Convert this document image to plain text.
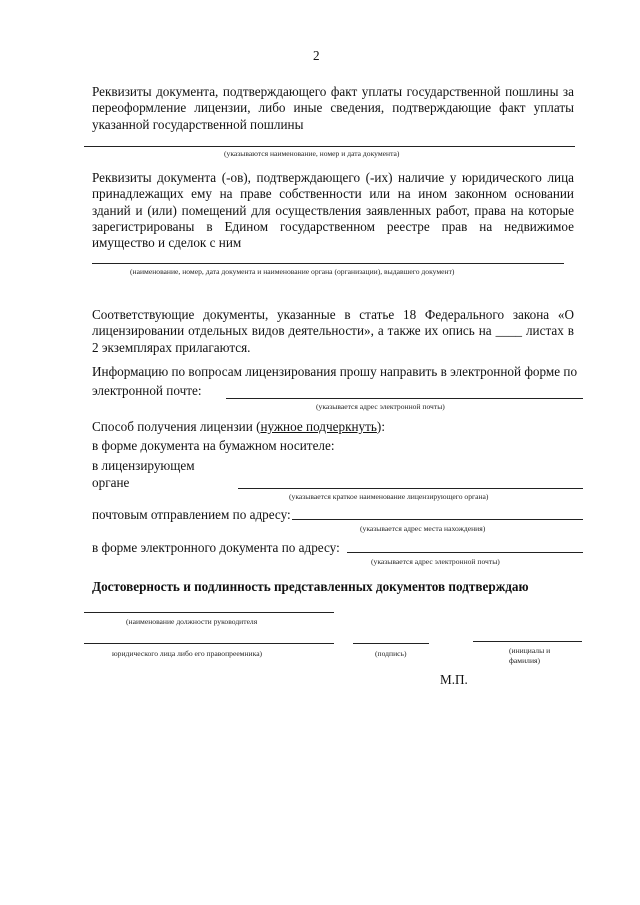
2
Реквизиты документа, подтверждающего факт уплаты государственной пошлины за переоформление лицензии, либо иные сведения, подтверждающие факт уплаты указанной государственной пошлины
(указываются наименование, номер и дата документа)
Реквизиты документа (-ов), подтверждающего (-их) наличие у юридического лица принадлежащих ему на праве собственности или на ином законном основании зданий и (или) помещений для осуществления заявленных работ, права на которые зарегистрированы в Едином государственном реестре прав на недвижимое имущество и сделок с ним
(наименование, номер, дата документа и наименование органа (организации), выдавшего документ)
Соответствующие документы, указанные в статье 18 Федерального закона «О лицензировании отдельных видов деятельности», а также их опись на ____ листах в 2 экземплярах прилагаются.
Информацию по вопросам лицензирования прошу направить в электронной форме по
электронной почте:
(указывается адрес электронной почты)
Способ получения лицензии (нужное подчеркнуть):
в форме документа на бумажном носителе:
в лицензирующем
органе
(указывается краткое наименование лицензирующего органа)
почтовым отправлением по адресу:
(указывается адрес места нахождения)
в форме электронного документа по адресу:
(указывается адрес электронной почты)
Достоверность и подлинность представленных документов подтверждаю
(наименование должности руководителя
юридического лица либо его правопреемника)	(подпись)	(инициалы и
фамилия)
М.П.
